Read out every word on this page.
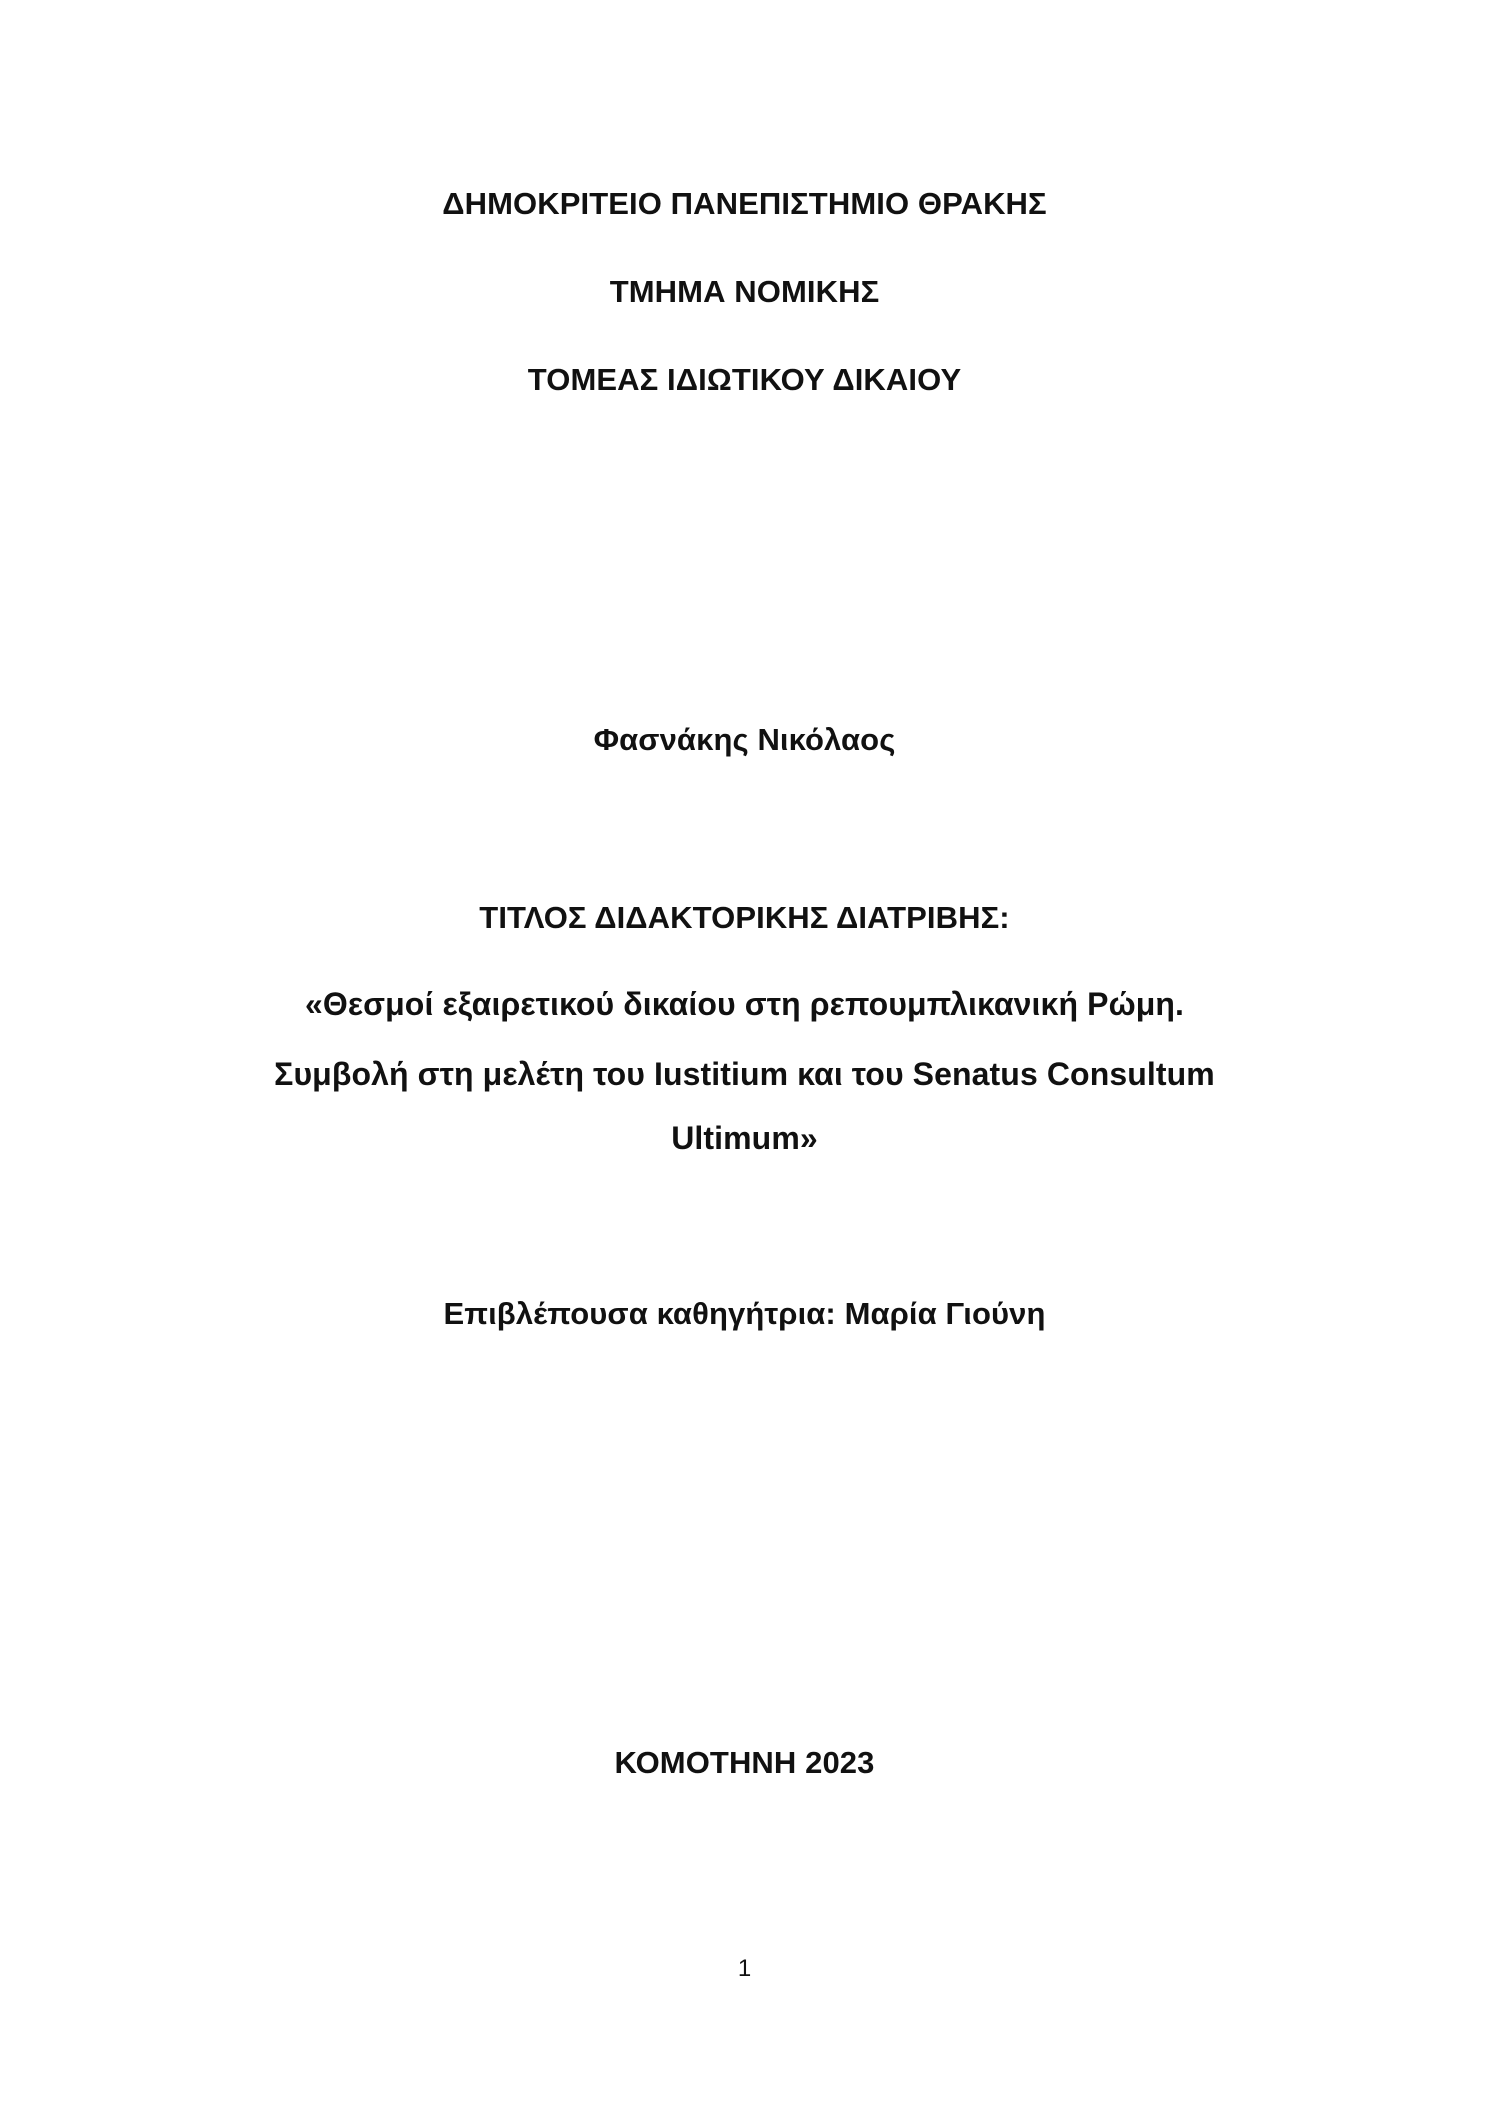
ΔΗΜΟΚΡΙΤΕΙΟ ΠΑΝΕΠΙΣΤΗΜΙΟ ΘΡΑΚΗΣ
ΤΜΗΜΑ ΝΟΜΙΚΗΣ
ΤΟΜΕΑΣ ΙΔΙΩΤΙΚΟΥ ΔΙΚΑΙΟΥ
Φασνάκης Νικόλαος
ΤΙΤΛΟΣ ΔΙΔΑΚΤΟΡΙΚΗΣ ΔΙΑΤΡΙΒΗΣ:
«Θεσμοί εξαιρετικού δικαίου στη ρεπουμπλικανική Ρώμη.
Συμβολή στη μελέτη του Iustitium και του Senatus Consultum
Ultimum»
Επιβλέπουσα καθηγήτρια: Μαρία Γιούνη
ΚΟΜΟΤΗΝΗ 2023
1
